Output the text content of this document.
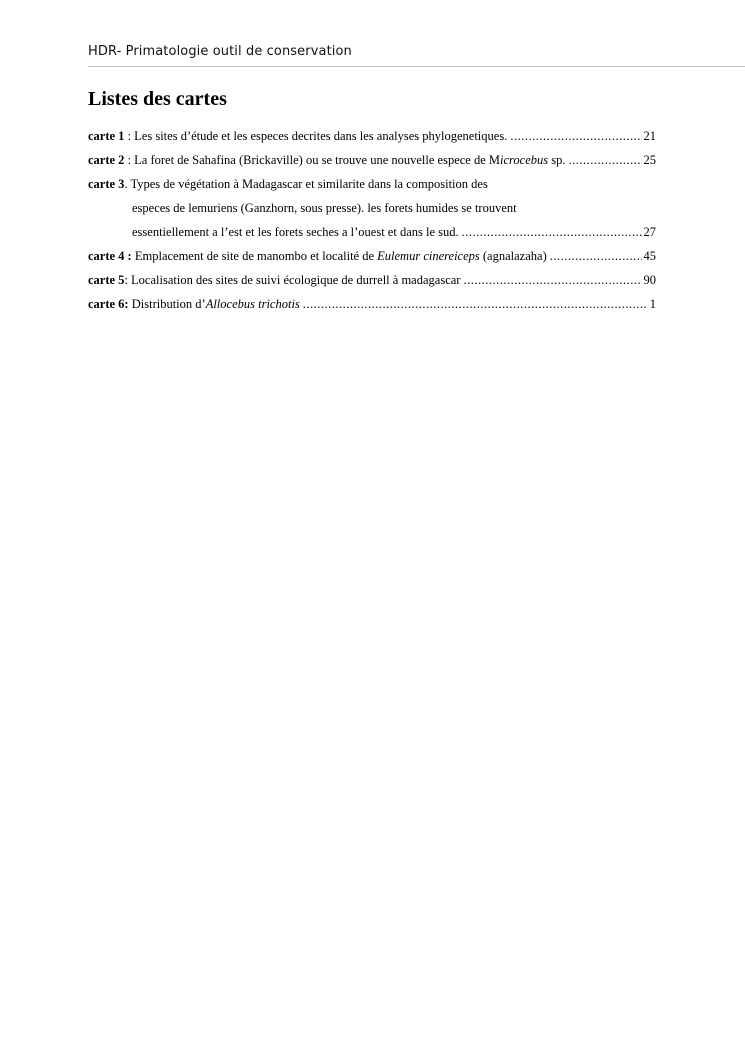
HDR- Primatologie outil de conservation
Listes des cartes
carte 1 : Les sites d’étude et les especes decrites dans les analyses phylogenetiques. .....	21
carte 2 : La foret de Sahafina (Brickaville) ou se trouve une nouvelle espece de Microcebus sp. .....	25
carte 3. Types de végétation à Madagascar et similarite dans la composition des
especes de lemuriens (Ganzhorn, sous presse). les forets humides se trouvent
essentiellement a l’est et les forets seches a l’ouest et dans le sud. .....	27
carte 4 : Emplacement de site de manombo et localité de Eulemur cinereiceps (agnalazaha) .....	45
carte 5: Localisation des sites de suivi écologique de durrell à madagascar .....	90
carte 6: Distribution d’Allocebus trichotis .....	1
